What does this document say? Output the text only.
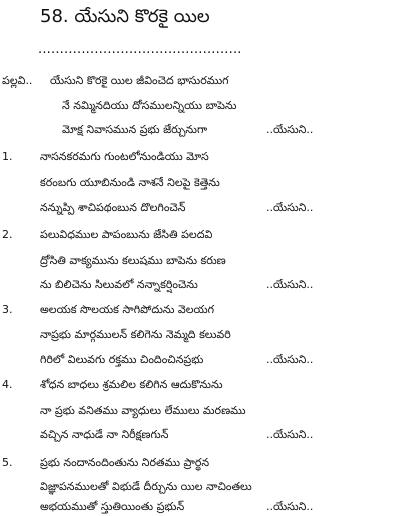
58. యేసుని కొరకై యిల
...............................................
పల్లవి.. యేసుని కొరకై యిల జీవించెద భాసురముగ
నే నమ్మినదియు దోసములన్నియు బాపెను
మోక్ష నివాసమున ప్రభు జేర్చునుగా	..యేసుని..
1.	నాసనకరమగు గుంటలోనుండియు మోస
కరంబగు యూబినుండి నాశనే నిలపై కెత్తెను
నన్నుప్పి శాచిపథంబున దొలగించెన్	..యేసుని..
2.	పలువిధముల పాపంబును జేసితి పలదవి
ద్రోసితి వాక్యమును కలుషము బాపెను కరుణ
ను బిలిచెను సిలువలో నన్నాకర్షించెను	..యేసుని..
3.	అలయక సొలయక సాగిపోదును వెలయగ
నాప్రభు మార్గములన్ కలిగెను నెమ్మది కలువరి
గిరిలో విలువగు రక్తము చిందించినప్రభు	..యేసుని..
4.	శోధన బాధలు శ్రమలిల కలిగిన ఆదుకొనును
నా ప్రభు వనితము వ్యాధులు లేములు మరణము
వచ్చిన నాధుడే నా నిరీక్షణగున్	..యేసుని..
5.	ప్రభు నందానందింతును నిరతము ప్రార్థన
విజ్ఞాపనములతో విభుడే దీర్చును యిల నాచింతలు
అభయముతో స్తుతియింతు ప్రభున్	..యేసుని..
